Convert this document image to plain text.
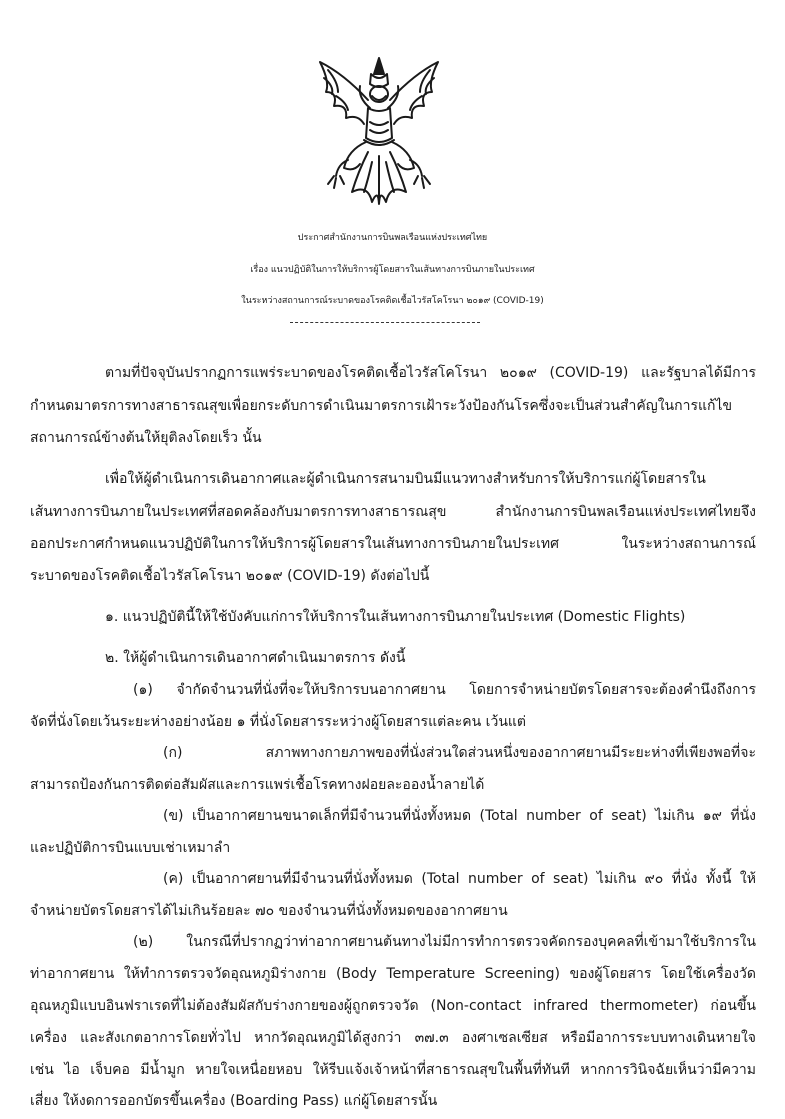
ประกาศสำนักงานการบินพลเรือนแห่งประเทศไทย
เรื่อง แนวปฏิบัติในการให้บริการผู้โดยสารในเส้นทางการบินภายในประเทศ
ในระหว่างสถานการณ์ระบาดของโรคติดเชื้อไวรัสโคโรนา ๒๐๑๙ (COVID-19)
ตามที่ปัจจุบันปรากฏการแพร่ระบาดของโรคติดเชื้อไวรัสโคโรนา ๒๐๑๙ (COVID-19) และรัฐบาลได้มีการ
กำหนดมาตรการทางสาธารณสุขเพื่อยกระดับการดำเนินมาตรการเฝ้าระวังป้องกันโรคซึ่งจะเป็นส่วนสำคัญในการแก้ไข
สถานการณ์ข้างต้นให้ยุติลงโดยเร็ว นั้น
เพื่อให้ผู้ดำเนินการเดินอากาศและผู้ดำเนินการสนามบินมีแนวทางสำหรับการให้บริการแก่ผู้โดยสารใน
เส้นทางการบินภายในประเทศที่สอดคล้องกับมาตรการทางสาธารณสุข สำนักงานการบินพลเรือนแห่งประเทศไทยจึง
ออกประกาศกำหนดแนวปฏิบัติในการให้บริการผู้โดยสารในเส้นทางการบินภายในประเทศ ในระหว่างสถานการณ์
ระบาดของโรคติดเชื้อไวรัสโคโรนา ๒๐๑๙ (COVID-19) ดังต่อไปนี้
๑. แนวปฏิบัตินี้ให้ใช้บังคับแก่การให้บริการในเส้นทางการบินภายในประเทศ (Domestic Flights)
๒. ให้ผู้ดำเนินการเดินอากาศดำเนินมาตรการ ดังนี้
(๑) จำกัดจำนวนที่นั่งที่จะให้บริการบนอากาศยาน โดยการจำหน่ายบัตรโดยสารจะต้องคำนึงถึงการ
จัดที่นั่งโดยเว้นระยะห่างอย่างน้อย ๑ ที่นั่งโดยสารระหว่างผู้โดยสารแต่ละคน เว้นแต่
(ก) สภาพทางกายภาพของที่นั่งส่วนใดส่วนหนึ่งของอากาศยานมีระยะห่างที่เพียงพอที่จะ
สามารถป้องกันการติดต่อสัมผัสและการแพร่เชื้อโรคทางฝอยละอองน้ำลายได้
(ข) เป็นอากาศยานขนาดเล็กที่มีจำนวนที่นั่งทั้งหมด (Total number of seat) ไม่เกิน ๑๙ ที่นั่ง
และปฏิบัติการบินแบบเช่าเหมาลำ
(ค) เป็นอากาศยานที่มีจำนวนที่นั่งทั้งหมด (Total number of seat) ไม่เกิน ๙๐ ที่นั่ง ทั้งนี้ ให้
จำหน่ายบัตรโดยสารได้ไม่เกินร้อยละ ๗๐ ของจำนวนที่นั่งทั้งหมดของอากาศยาน
(๒) ในกรณีที่ปรากฏว่าท่าอากาศยานต้นทางไม่มีการทำการตรวจคัดกรองบุคคลที่เข้ามาใช้บริการใน
ท่าอากาศยาน ให้ทำการตรวจวัดอุณหภูมิร่างกาย (Body Temperature Screening) ของผู้โดยสาร โดยใช้เครื่องวัด
อุณหภูมิแบบอินฟราเรดที่ไม่ต้องสัมผัสกับร่างกายของผู้ถูกตรวจวัด (Non-contact infrared thermometer) ก่อนขึ้น
เครื่อง และสังเกตอาการโดยทั่วไป หากวัดอุณหภูมิได้สูงกว่า ๓๗.๓ องศาเซลเซียส หรือมีอาการระบบทางเดินหายใจ
เช่น ไอ เจ็บคอ มีน้ำมูก หายใจเหนื่อยหอบ ให้รีบแจ้งเจ้าหน้าที่สาธารณสุขในพื้นที่ทันที หากการวินิจฉัยเห็นว่ามีความ
เสี่ยง ให้งดการออกบัตรขึ้นเครื่อง (Boarding Pass) แก่ผู้โดยสารนั้น
